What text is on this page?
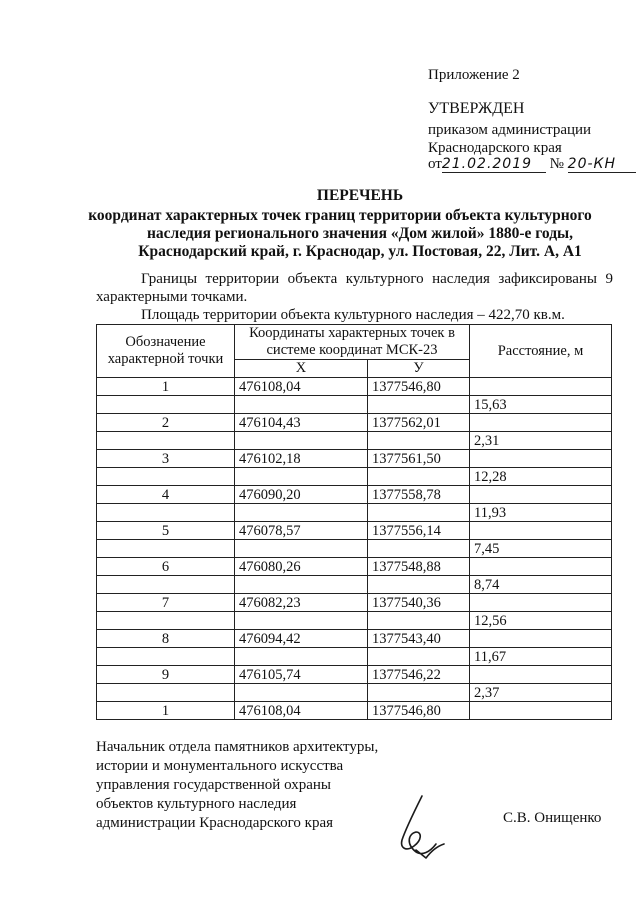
Приложение 2
УТВЕРЖДЕН
приказом администрации
Краснодарского края
от21.02.2019 № 20-КН
ПЕРЕЧЕНЬ
координат характерных точек границ территории объекта культурного
наследия регионального значения «Дом жилой» 1880-е годы,
Краснодарский край, г. Краснодар, ул. Постовая, 22, Лит. А, А1
Границы территории объекта культурного наследия зафиксированы 9
характерными точками.
Площадь территории объекта культурного наследия – 422,70 кв.м.
Обозначение характерной точки	Координаты характерных точек в системе координат МСК-23		Расстояние, м
	X	У	
1	476108,04	1377546,80	
			15,63
2	476104,43	1377562,01	
			2,31
3	476102,18	1377561,50	
			12,28
4	476090,20	1377558,78	
			11,93
5	476078,57	1377556,14	
			7,45
6	476080,26	1377548,88	
			8,74
7	476082,23	1377540,36	
			12,56
8	476094,42	1377543,40	
			11,67
9	476105,74	1377546,22	
			2,37
1	476108,04	1377546,80	
Начальник отдела памятников архитектуры,
истории и монументального искусства
управления государственной охраны
объектов культурного наследия
администрации Краснодарского края	С.В. Онищенко
